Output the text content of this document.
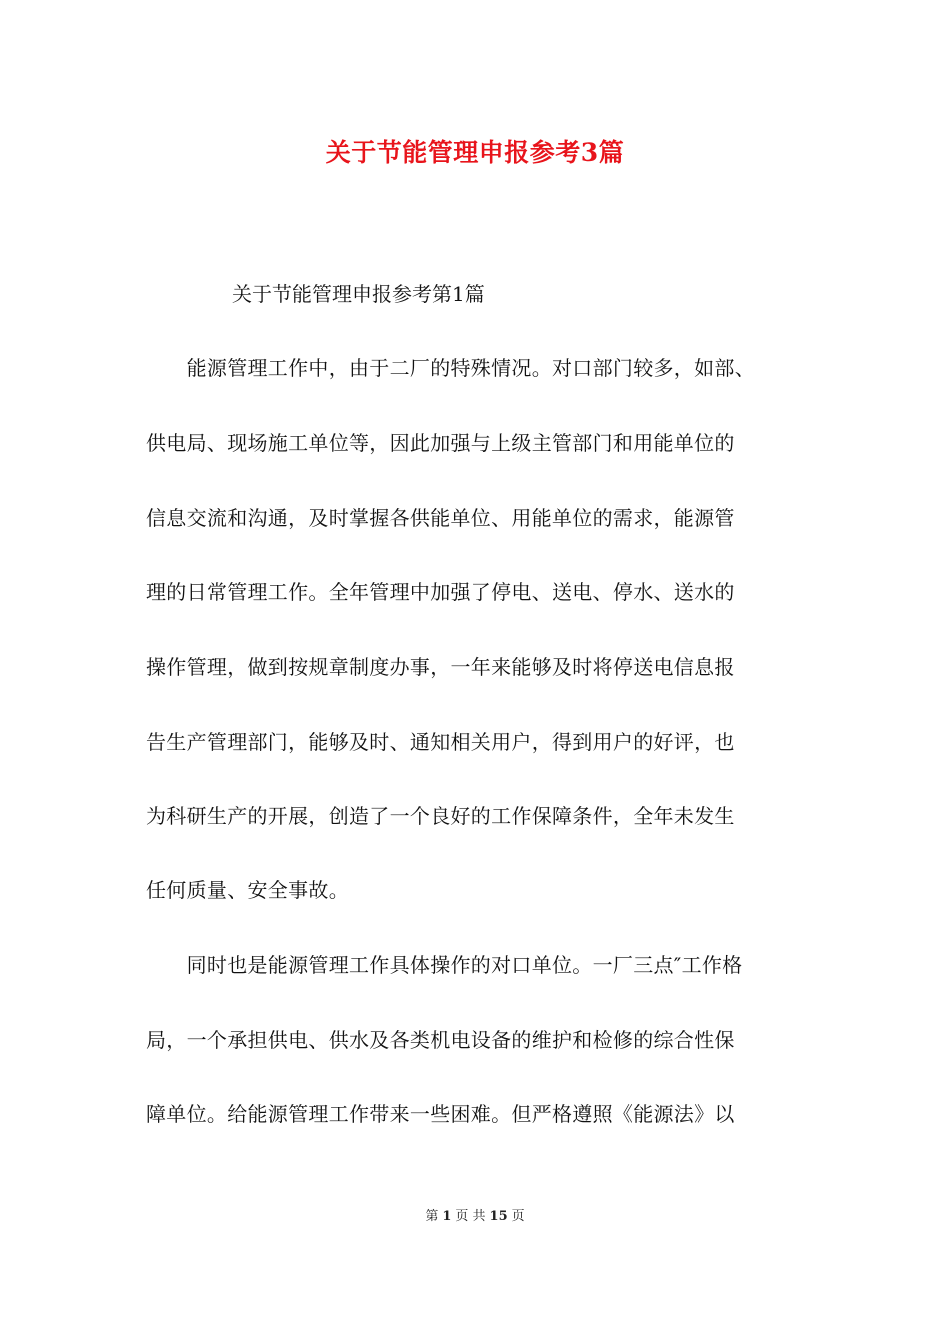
关于节能管理申报参考3篇

关于节能管理申报参考第1篇

　　能源管理工作中，由于二厂的特殊情况。对口部门较多，如部、

供电局、现场施工单位等，因此加强与上级主管部门和用能单位的

信息交流和沟通，及时掌握各供能单位、用能单位的需求，能源管

理的日常管理工作。全年管理中加强了停电、送电、停水、送水的

操作管理，做到按规章制度办事，一年来能够及时将停送电信息报

告生产管理部门，能够及时、通知相关用户，得到用户的好评，也

为科研生产的开展，创造了一个良好的工作保障条件，全年未发生

任何质量、安全事故。

　　同时也是能源管理工作具体操作的对口单位。一厂三点″工作格

局，一个承担供电、供水及各类机电设备的维护和检修的综合性保

障单位。给能源管理工作带来一些困难。但严格遵照《能源法》以

第 1 页 共 15 页
